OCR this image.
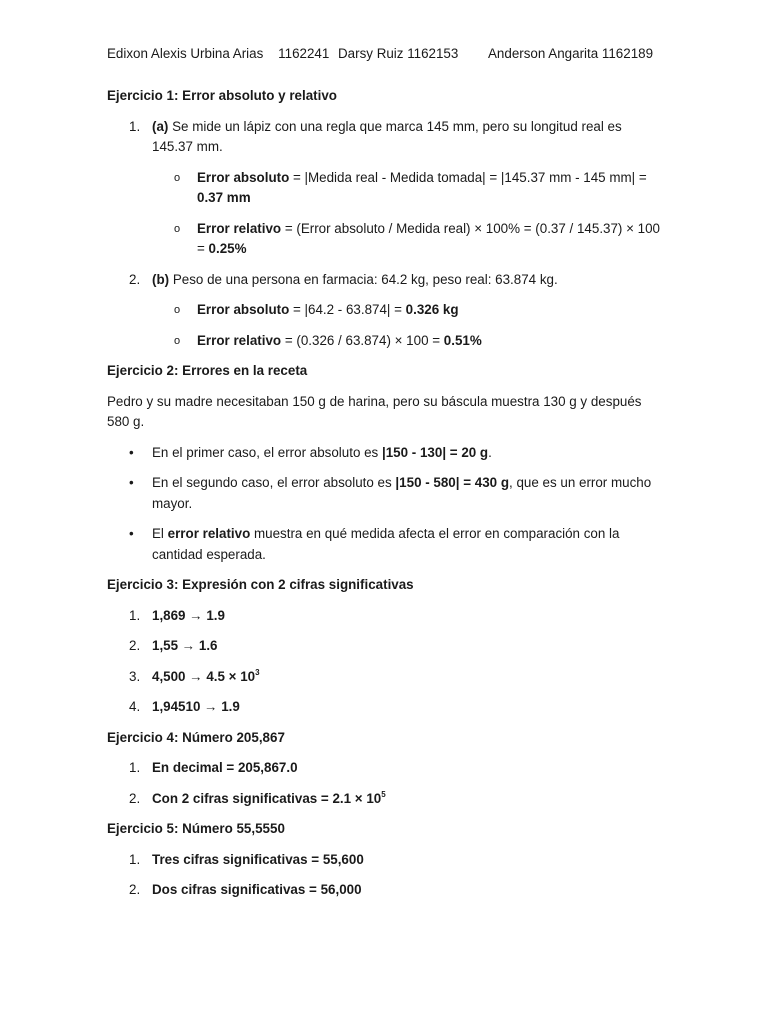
Edixon Alexis Urbina Arias    1162241 Darsy Ruiz 1162153 Anderson Angarita 1162189
Ejercicio 1: Error absoluto y relativo
1. (a) Se mide un lápiz con una regla que marca 145 mm, pero su longitud real es 145.37 mm.
o Error absoluto = |Medida real - Medida tomada| = |145.37 mm - 145 mm| = 0.37 mm
o Error relativo = (Error absoluto / Medida real) × 100% = (0.37 / 145.37) × 100 = 0.25%
2. (b) Peso de una persona en farmacia: 64.2 kg, peso real: 63.874 kg.
o Error absoluto = |64.2 - 63.874| = 0.326 kg
o Error relativo = (0.326 / 63.874) × 100 = 0.51%
Ejercicio 2: Errores en la receta

Pedro y su madre necesitaban 150 g de harina, pero su báscula muestra 130 g y después 580 g.

• En el primer caso, el error absoluto es |150 - 130| = 20 g.
• En el segundo caso, el error absoluto es |150 - 580| = 430 g, que es un error mucho mayor.
• El error relativo muestra en qué medida afecta el error en comparación con la cantidad esperada.
Ejercicio 3: Expresión con 2 cifras significativas
1. 1,869 → 1.9
2. 1,55 → 1.6
3. $4,500 \to 4.5 \times 10^3$
4. 1,94510 → 1.9
Ejercicio 4: Número 205,867
1. En decimal = 205,867.0
2. Con 2 cifras significativas = $2.1 \times 10^5$
Ejercicio 5: Número 55,5550
1. Tres cifras significativas = 55,600
2. Dos cifras significativas = 56,000
